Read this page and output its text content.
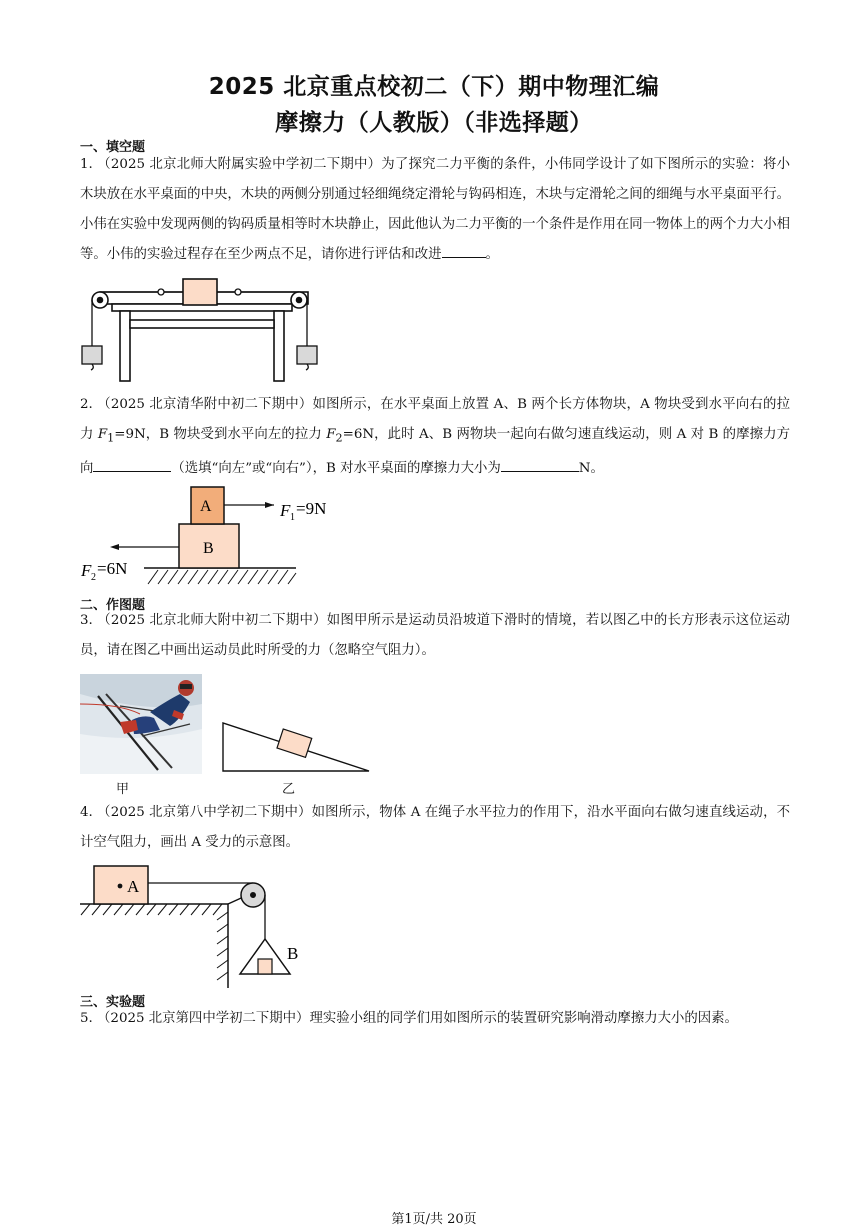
2025 北京重点校初二（下）期中物理汇编
摩擦力（人教版）（非选择题）
一、填空题
1. （2025 北京北师大附属实验中学初二下期中）为了探究二力平衡的条件，小伟同学设计了如下图所示的实验：将小木块放在水平桌面的中央，木块的两侧分别通过轻细绳绕定滑轮与钩码相连，木块与定滑轮之间的细绳与水平桌面平行。小伟在实验中发现两侧的钩码质量相等时木块静止，因此他认为二力平衡的一个条件是作用在同一物体上的两个力大小相等。小伟的实验过程存在至少两点不足，请你进行评估和改进	。
2. （2025 北京清华附中初二下期中）如图所示，在水平桌面上放置 A、B 两个长方体物块，A 物块受到水平向右的拉力 $F_1=9N$，B 物块受到水平向左的拉力 $F_2=6N$，此时 A、B 两物块一起向右做匀速直线运动，则 A 对 B 的摩擦力方向	（选填“向左”或“向右”），B 对水平桌面的摩擦力大小为	N。
B
A	F 1 =9N
F 2 =6N
二、作图题
3. （2025 北京北师大附中初二下期中）如图甲所示是运动员沿坡道下滑时的情境，若以图乙中的长方形表示这位运动员，请在图乙中画出运动员此时所受的力（忽略空气阻力）。
甲	乙
4. （2025 北京第八中学初二下期中）如图所示，物体 A 在绳子水平拉力的作用下，沿水平面向右做匀速直线运动，不计空气阻力，画出 A 受力的示意图。
A
B
三、实验题
5. （2025 北京第四中学初二下期中）理实验小组的同学们用如图所示的装置研究影响滑动摩擦力大小的因素。
第1页/共 20页
